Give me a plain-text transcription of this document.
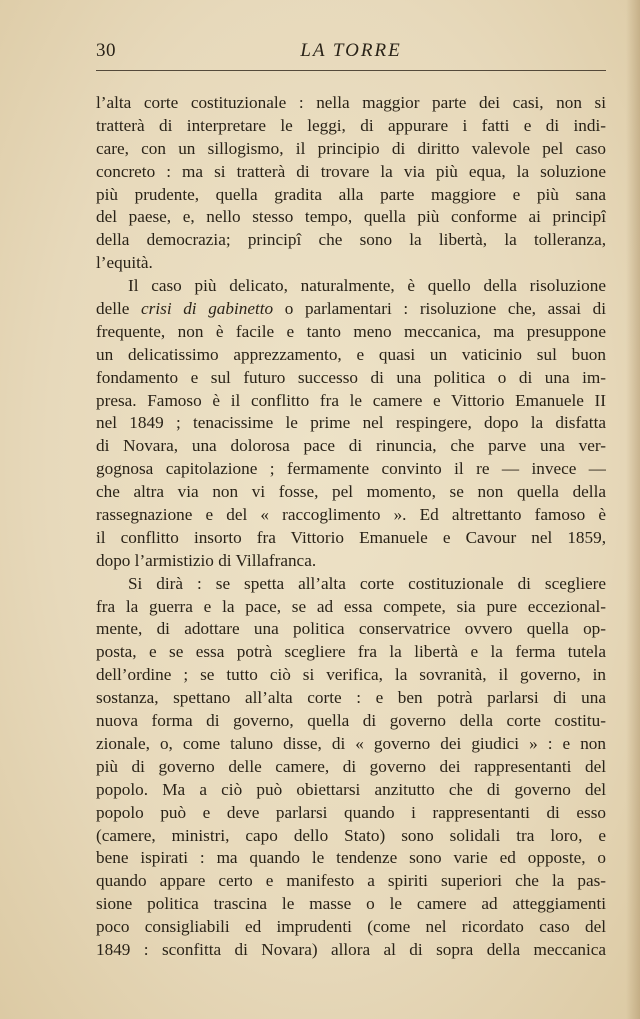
30	LA TORRE
l’alta corte costituzionale : nella maggior parte dei casi, non si
tratterà di interpretare le leggi, di appurare i fatti e di indi-
care, con un sillogismo, il principio di diritto valevole pel caso
concreto : ma si tratterà di trovare la via più equa, la soluzione
più prudente, quella gradita alla parte maggiore e più sana
del paese, e, nello stesso tempo, quella più conforme ai principî
della democrazia; principî che sono la libertà, la tolleranza,
l’equità.
Il caso più delicato, naturalmente, è quello della risoluzione
delle crisi di gabinetto o parlamentari : risoluzione che, assai di
frequente, non è facile e tanto meno meccanica, ma presuppone
un delicatissimo apprezzamento, e quasi un vaticinio sul buon
fondamento e sul futuro successo di una politica o di una im-
presa. Famoso è il conflitto fra le camere e Vittorio Emanuele II
nel 1849 ; tenacissime le prime nel respingere, dopo la disfatta
di Novara, una dolorosa pace di rinuncia, che parve una ver-
gognosa capitolazione ; fermamente convinto il re — invece —
che altra via non vi fosse, pel momento, se non quella della
rassegnazione e del « raccoglimento ». Ed altrettanto famoso è
il conflitto insorto fra Vittorio Emanuele e Cavour nel 1859,
dopo l’armistizio di Villafranca.
Si dirà : se spetta all’alta corte costituzionale di scegliere
fra la guerra e la pace, se ad essa compete, sia pure eccezional-
mente, di adottare una politica conservatrice ovvero quella op-
posta, e se essa potrà scegliere fra la libertà e la ferma tutela
dell’ordine ; se tutto ciò si verifica, la sovranità, il governo, in
sostanza, spettano all’alta corte : e ben potrà parlarsi di una
nuova forma di governo, quella di governo della corte costitu-
zionale, o, come taluno disse, di « governo dei giudici » : e non
più di governo delle camere, di governo dei rappresentanti del
popolo. Ma a ciò può obiettarsi anzitutto che di governo del
popolo può e deve parlarsi quando i rappresentanti di esso
(camere, ministri, capo dello Stato) sono solidali tra loro, e
bene ispirati : ma quando le tendenze sono varie ed opposte, o
quando appare certo e manifesto a spiriti superiori che la pas-
sione politica trascina le masse o le camere ad atteggiamenti
poco consigliabili ed imprudenti (come nel ricordato caso del
1849 : sconfitta di Novara) allora al di sopra della meccanica
